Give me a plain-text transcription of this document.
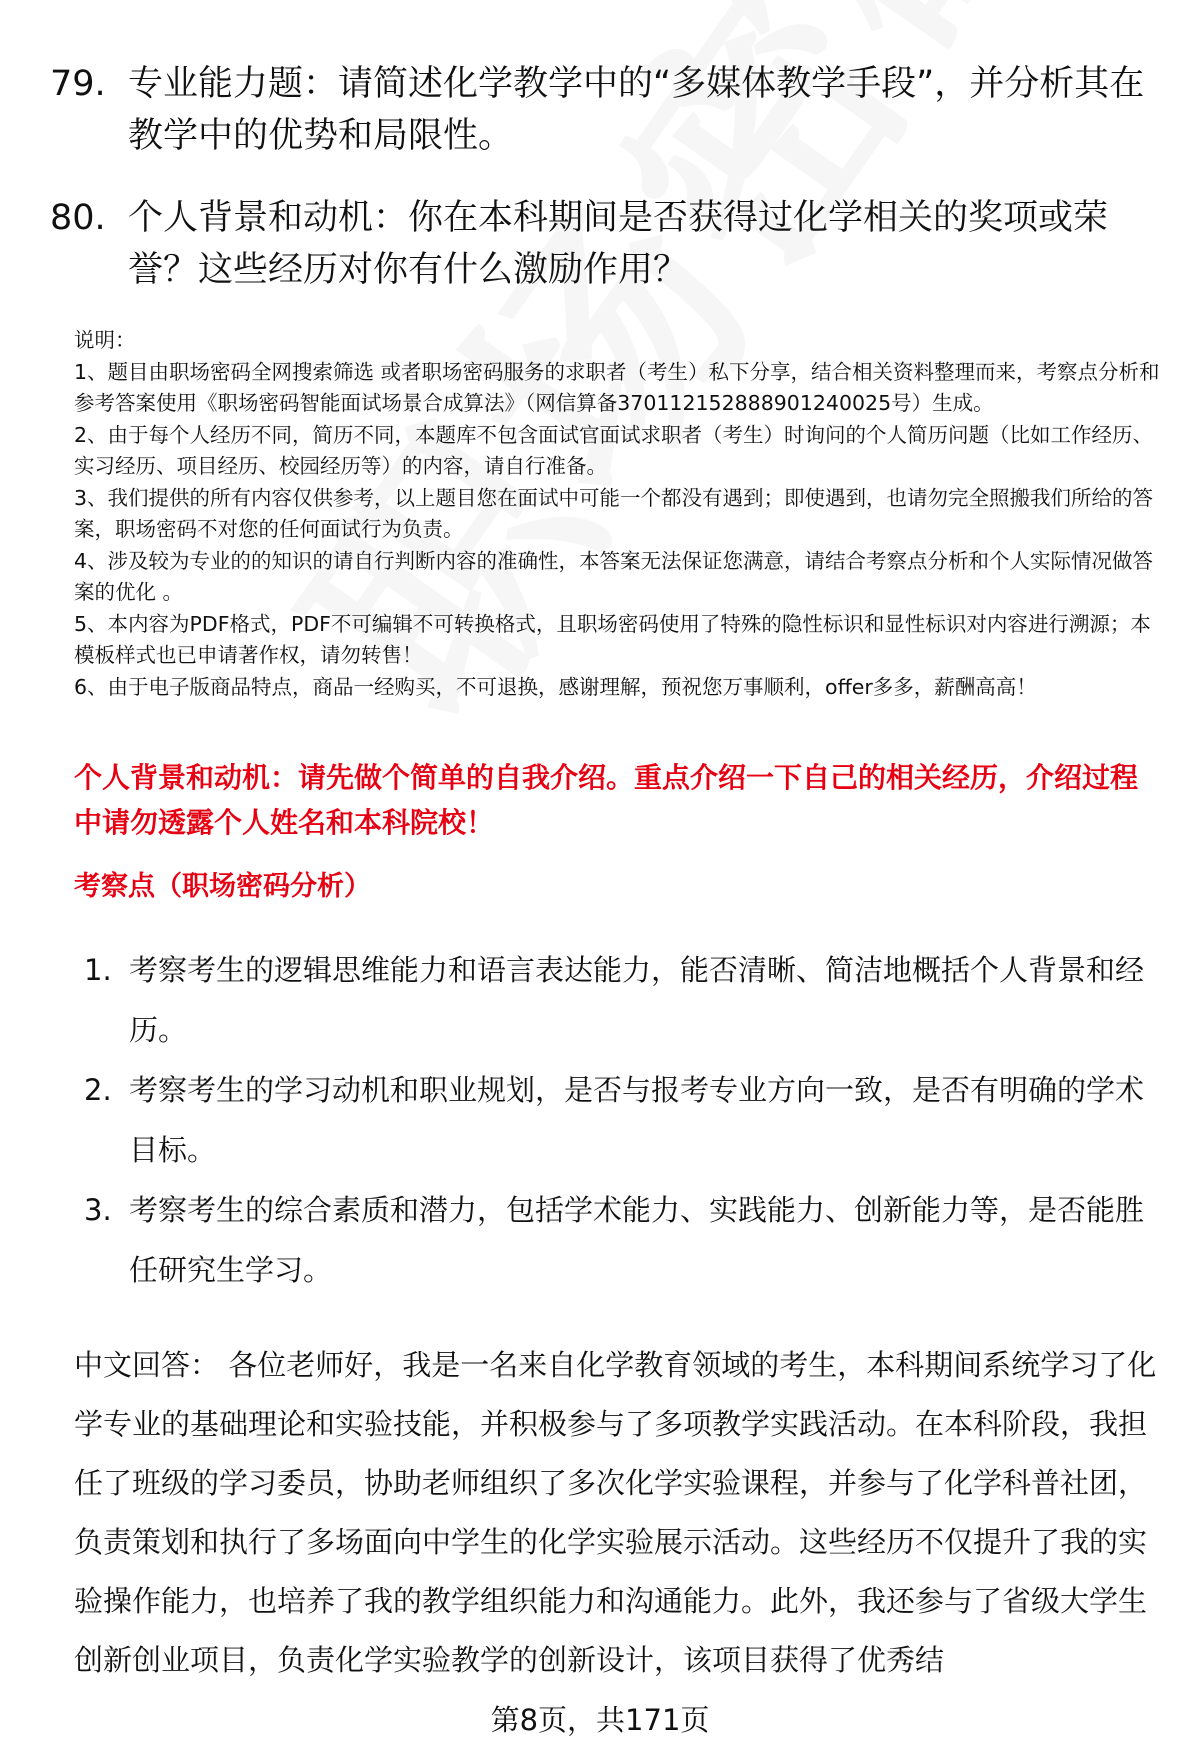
79. 专业能力题：请简述化学教学中的“多媒体教学手段”，并分析其在教学中的优势和局限性。
80. 个人背景和动机：你在本科期间是否获得过化学相关的奖项或荣誉？这些经历对你有什么激励作用？

说明：

1、题目由职场密码全网搜索筛选 或者职场密码服务的求职者（考生）私下分享，结合相关资料整理而来，考察点分析和参考答案使用《职场密码智能面试场景合成算法》（网信算备370112152888901240025号）生成。

2、由于每个人经历不同，简历不同，本题库不包含面试官面试求职者（考生）时询问的个人简历问题（比如工作经历、实习经历、项目经历、校园经历等）的内容，请自行准备。

3、我们提供的所有内容仅供参考，以上题目您在面试中可能一个都没有遇到；即使遇到，也请勿完全照搬我们所给的答案，职场密码不对您的任何面试行为负责。

4、涉及较为专业的的知识的请自行判断内容的准确性，本答案无法保证您满意，请结合考察点分析和个人实际情况做答案的优化 。

5、本内容为PDF格式，PDF不可编辑不可转换格式，且职场密码使用了特殊的隐性标识和显性标识对内容进行溯源；本模板样式也已申请著作权，请勿转售！

6、由于电子版商品特点，商品一经购买，不可退换，感谢理解，预祝您万事顺利，offer多多，薪酬高高！

个人背景和动机：请先做个简单的自我介绍。重点介绍一下自己的相关经历，介绍过程中请勿透露个人姓名和本科院校！
考察点（职场密码分析）
1. 考察考生的逻辑思维能力和语言表达能力，能否清晰、简洁地概括个人背景和经历。
2. 考察考生的学习动机和职业规划，是否与报考专业方向一致，是否有明确的学术目标。
3. 考察考生的综合素质和潜力，包括学术能力、实践能力、创新能力等，是否能胜任研究生学习。
中文回答： 各位老师好，我是一名来自化学教育领域的考生，本科期间系统学习了化学专业的基础理论和实验技能，并积极参与了多项教学实践活动。在本科阶段，我担任了班级的学习委员，协助老师组织了多次化学实验课程，并参与了化学科普社团，负责策划和执行了多场面向中学生的化学实验展示活动。这些经历不仅提升了我的实验操作能力，也培养了我的教学组织能力和沟通能力。此外，我还参与了省级大学生创新创业项目，负责化学实验教学的创新设计，该项目获得了优秀结
第8页，共171页
